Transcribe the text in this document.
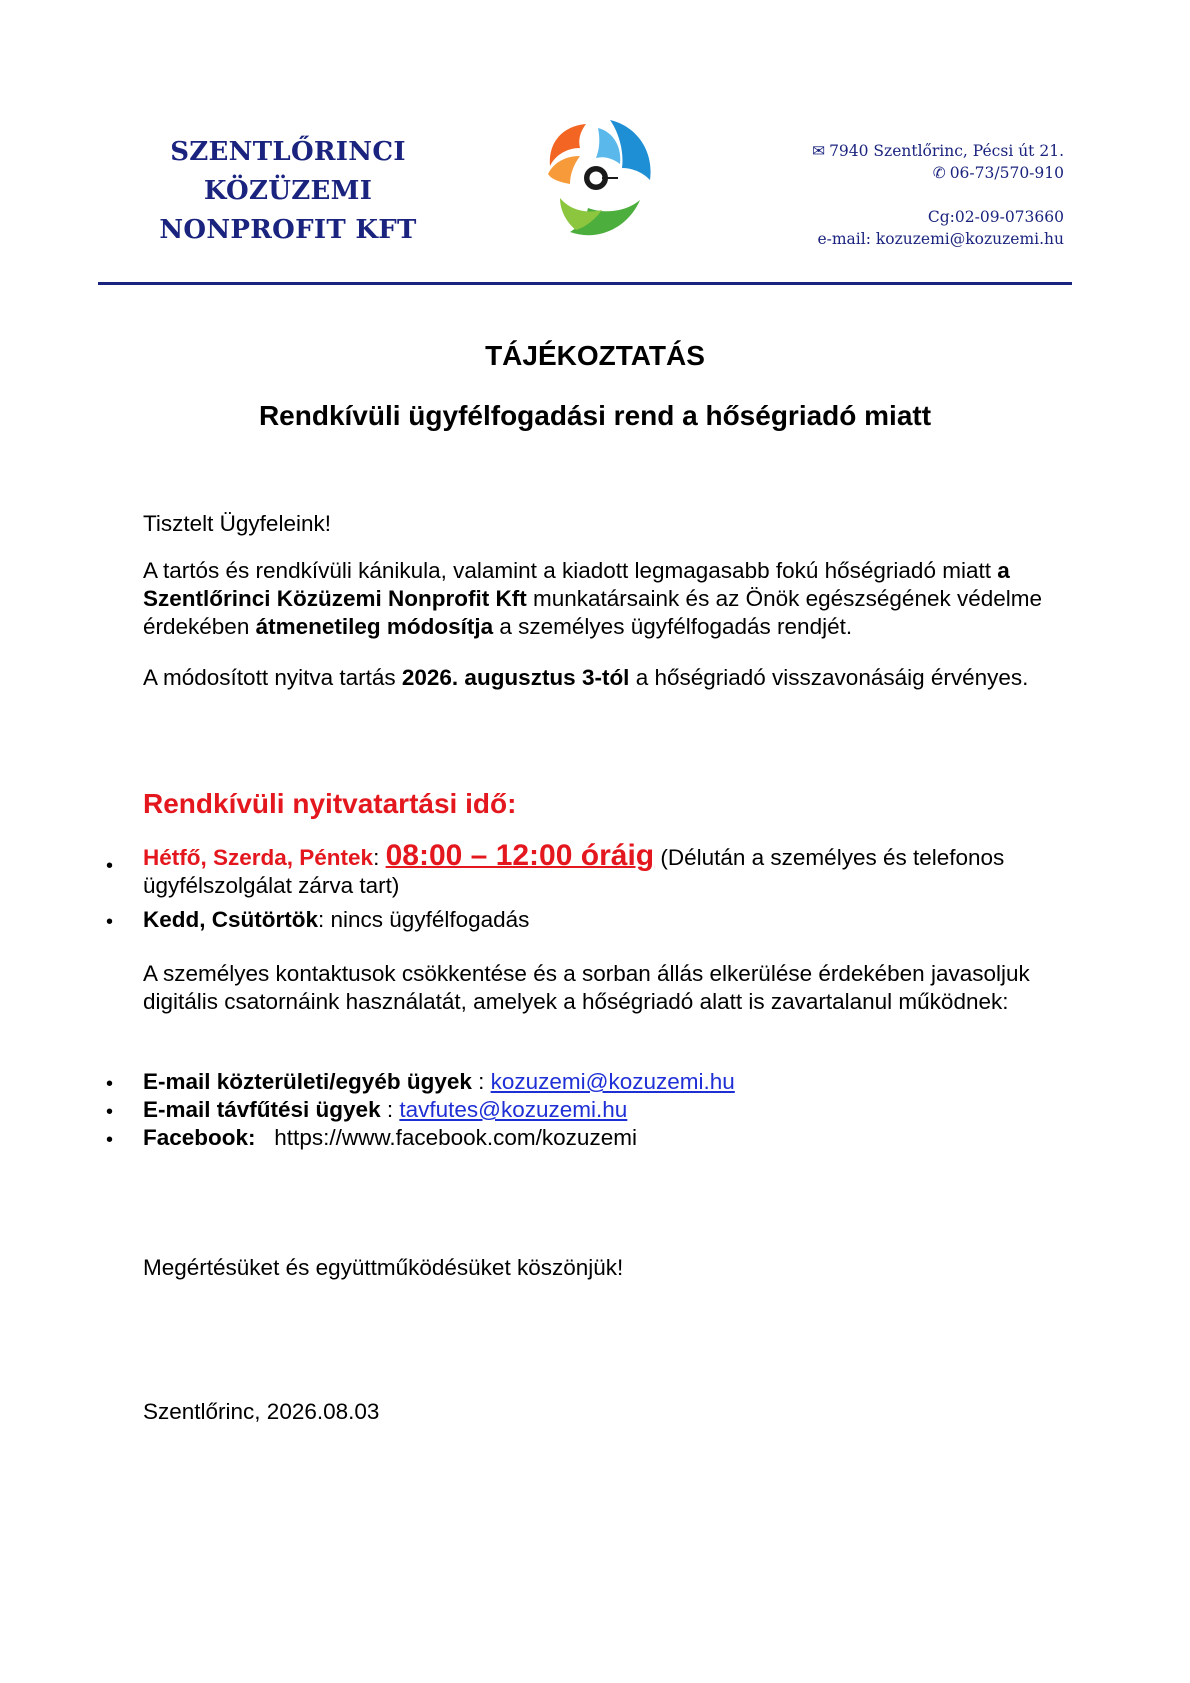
SZENTLŐRINCI
KÖZÜZEMI
NONPROFIT KFT
✉ 7940 Szentlőrinc, Pécsi út 21.
✆ 06-73/570-910
Cg:02-09-073660
e-mail: kozuzemi@kozuzemi.hu
TÁJÉKOZTATÁS
Rendkívüli ügyfélfogadási rend a hőségriadó miatt
Tisztelt Ügyfeleink!
A tartós és rendkívüli kánikula, valamint a kiadott legmagasabb fokú hőségriadó miatt a Szentlőrinci Közüzemi Nonprofit Kft munkatársaink és az Önök egészségének védelme érdekében átmenetileg módosítja a személyes ügyfélfogadás rendjét.
A módosított nyitva tartás 2026. augusztus 3-tól a hőségriadó visszavonásáig érvényes.
Rendkívüli nyitvatartási idő:
• Hétfő, Szerda, Péntek: 08:00 – 12:00 óráig (Délután a személyes és telefonos ügyfélszolgálat zárva tart)
• Kedd, Csütörtök: nincs ügyfélfogadás
A személyes kontaktusok csökkentése és a sorban állás elkerülése érdekében javasoljuk digitális csatornáink használatát, amelyek a hőségriadó alatt is zavartalanul működnek:
• E-mail közterületi/egyéb ügyek : kozuzemi@kozuzemi.hu
• E-mail távfűtési ügyek : tavfutes@kozuzemi.hu
• Facebook: https://www.facebook.com/kozuzemi
Megértésüket és együttműködésüket köszönjük!
Szentlőrinc, 2026.08.03
